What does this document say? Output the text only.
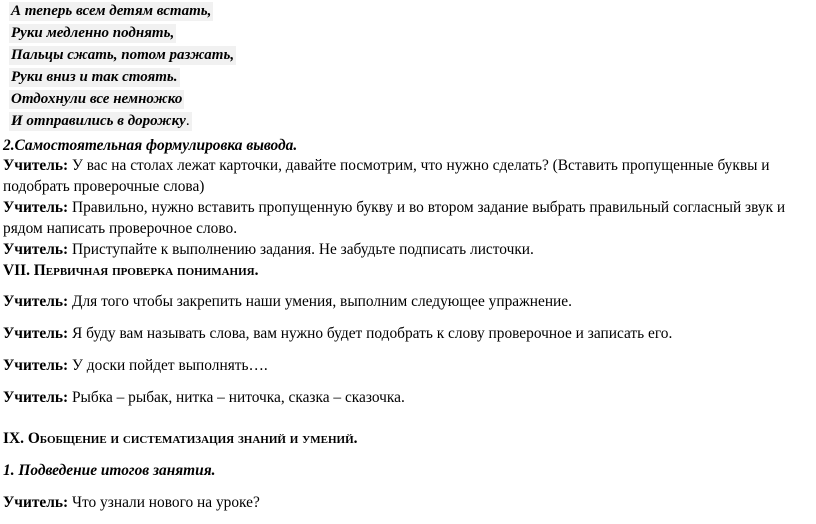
А теперь всем детям встать,
Руки медленно поднять,
Пальцы сжать, потом разжать,
Руки вниз и так стоять.
Отдохнули все немножко
И отправились в дорожку.
2.Самостоятельная формулировка вывода.
Учитель: У вас на столах лежат карточки, давайте посмотрим, что нужно сделать? (Вставить пропущенные буквы и
подобрать проверочные слова)
Учитель: Правильно, нужно вставить пропущенную букву и во втором задание выбрать правильный согласный звук и
рядом написать проверочное слово.
Учитель: Приступайте к выполнению задания. Не забудьте подписать листочки.
VII. Первичная проверка понимания.
Учитель: Для того чтобы закрепить наши умения, выполним следующее упражнение.
Учитель: Я буду вам называть слова, вам нужно будет подобрать к слову проверочное и записать его.
Учитель: У доски пойдет выполнять….
Учитель: Рыбка – рыбак, нитка – ниточка, сказка – сказочка.
IX. Обобщение и систематизация знаний и умений.
1. Подведение итогов занятия.
Учитель: Что узнали нового на уроке?
